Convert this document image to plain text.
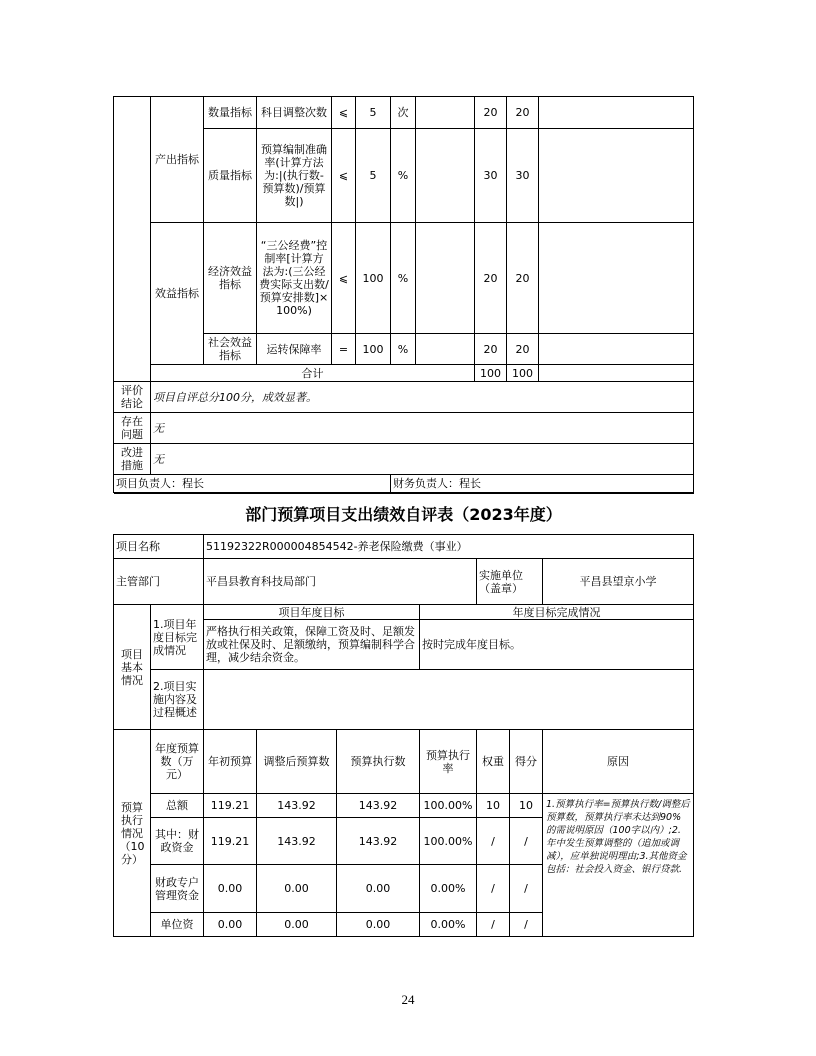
	产出指标	数量指标	科目调整次数	⩽	5	次		20	20	
		质量指标	预算编制准确率(计算方法为:|(执行数-预算数)/预算数|)	⩽	5	%		30	30	
	效益指标	经济效益指标	“三公经费”控制率[计算方法为:(三公经费实际支出数/预算安排数]×100%)	⩽	100	%		20	20	
		社会效益指标	运转保障率	=	100	%		20	20	
	合计							100	100	
评价结论	项目自评总分100分，成效显著。									
存在问题	无									
改进措施	无									
项目负责人：程长						财务负责人：程长				
部门预算项目支出绩效自评表（2023年度）								
项目名称		51192322R000004854542-养老保险缴费（事业）						
主管部门		平昌县教育科技局部门				实施单位（盖章）		平昌县望京小学
项目基本情况	1.项目年度目标完成情况	项目年度目标			年度目标完成情况			
		严格执行相关政策，保障工资及时、足额发放或社保及时、足额缴纳，预算编制科学合理，减少结余资金。			按时完成年度目标。			
	2.项目实施内容及过程概述							
预算执行情况（10分）	年度预算数（万元）	年初预算	调整后预算数	预算执行数	预算执行率	权重	得分	原因
	总额	119.21	143.92	143.92	100.00%	10	10	1.预算执行率=预算执行数/调整后预算数，预算执行率未达到90%的需说明原因（100字以内）;2.年中发生预算调整的（追加或调减），应单独说明理由;3.其他资金包括：社会投入资金、银行贷款.
	其中：财政资金	119.21	143.92	143.92	100.00%	/	/	
	财政专户管理资金	0.00	0.00	0.00	0.00%	/	/	
	单位资	0.00	0.00	0.00	0.00%	/	/	
24
